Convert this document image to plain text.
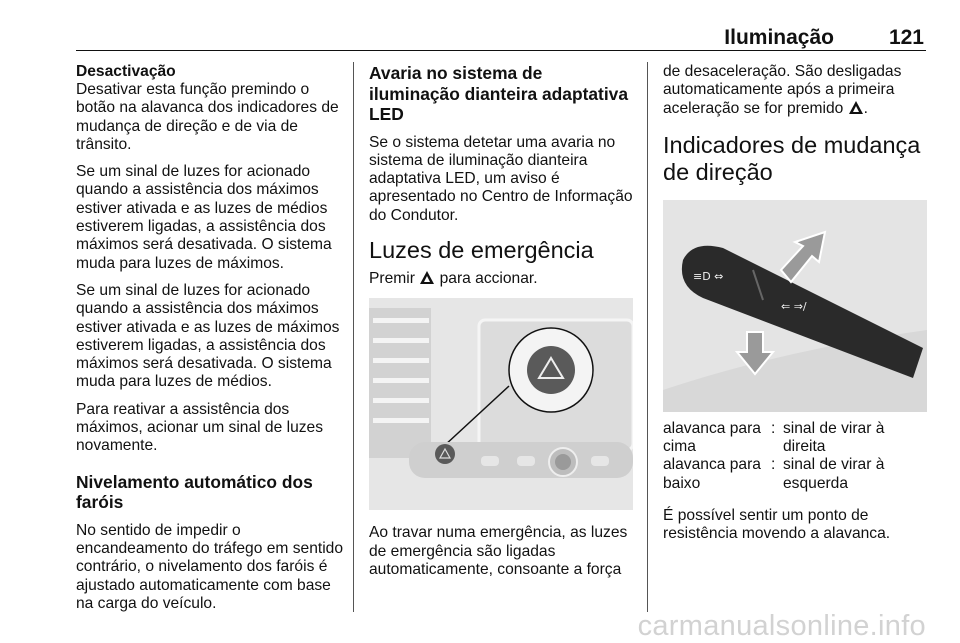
Iluminação	121
Desactivação

Desativar esta função premindo o botão na alavanca dos indicadores de mudança de direção e de via de trânsito.

Se um sinal de luzes for acionado quando a assistência dos máximos estiver ativada e as luzes de médios estiverem ligadas, a assistência dos máximos será desativada. O sistema muda para luzes de máximos.

Se um sinal de luzes for acionado quando a assistência dos máximos estiver ativada e as luzes de máximos estiverem ligadas, a assistência dos máximos será desativada. O sistema muda para luzes de médios.

Para reativar a assistência dos máximos, acionar um sinal de luzes novamente.

Nivelamento automático dos faróis

No sentido de impedir o encandeamento do tráfego em sentido contrário, o nivelamento dos faróis é ajustado automaticamente com base na carga do veículo.

Avaria no sistema de iluminação dianteira adaptativa LED

Se o sistema detetar uma avaria no sistema de iluminação dianteira adaptativa LED, um aviso é apresentado no Centro de Informação do Condutor.

Luzes de emergência

Premir para accionar.

Ao travar numa emergência, as luzes de emergência são ligadas automaticamente, consoante a força

de desaceleração. São desligadas automaticamente após a primeira aceleração se for premido .

Indicadores de mudança de direção
≡D ⇔
⇐ ⇒/
alavanca para cima
: sinal de virar à direita
alavanca para baixo
: sinal de virar à esquerda

É possível sentir um ponto de resistência movendo a alavanca.

carmanualsonline.info
